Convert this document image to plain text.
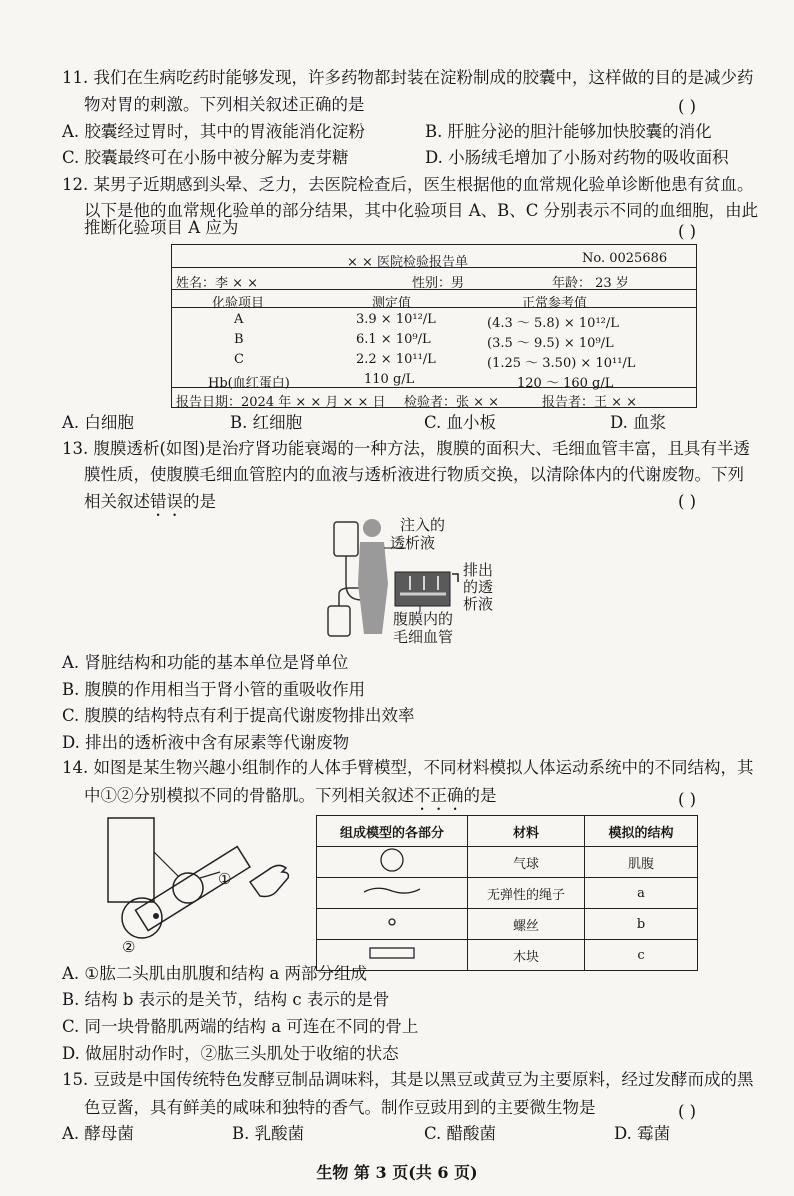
11. 我们在生病吃药时能够发现，许多药物都封装在淀粉制成的胶囊中，这样做的目的是减少药
物对胃的刺激。下列相关叙述正确的是	( )
A. 胶囊经过胃时，其中的胃液能消化淀粉	B. 肝脏分泌的胆汁能够加快胶囊的消化
C. 胶囊最终可在小肠中被分解为麦芽糖	D. 小肠绒毛增加了小肠对药物的吸收面积
12. 某男子近期感到头晕、乏力，去医院检查后，医生根据他的血常规化验单诊断他患有贫血。
以下是他的血常规化验单的部分结果，其中化验项目 A、B、C 分别表示不同的血细胞，由此
推断化验项目 A 应为	( )
× × 医院检验报告单	No. 0025686
姓名：李 × ×	性别：男	年龄： 23 岁
化验项目	测定值	正常参考值
A	3.9 × 10¹²/L	(4.3 ～ 5.8) × 10¹²/L
B	6.1 × 10⁹/L	(3.5 ～ 9.5) × 10⁹/L
C	2.2 × 10¹¹/L	(1.25 ～ 3.50) × 10¹¹/L
Hb(血红蛋白)	110 g/L	120 ～ 160 g/L
报告日期：2024 年 × × 月 × × 日 检验者：张 × ×	报告者：王 × ×
A. 白细胞	B. 红细胞	C. 血小板	D. 血浆
13. 腹膜透析(如图)是治疗肾功能衰竭的一种方法，腹膜的面积大、毛细血管丰富，且具有半透
膜性质，使腹膜毛细血管腔内的血液与透析液进行物质交换，以清除体内的代谢废物。下列
相关叙述错误的是	( )
注入的
透析液
排出
的透
析液
腹膜内的
毛细血管
A. 肾脏结构和功能的基本单位是肾单位
B. 腹膜的作用相当于肾小管的重吸收作用
C. 腹膜的结构特点有利于提高代谢废物排出效率
D. 排出的透析液中含有尿素等代谢废物
14. 如图是某生物兴趣小组制作的人体手臂模型，不同材料模拟人体运动系统中的不同结构，其
中①②分别模拟不同的骨骼肌。下列相关叙述不正确的是	( )
①
②
组成模型的各部分	材料	模拟的结构
	气球	肌腹
	无弹性的绳子	a
	螺丝	b
	木块	c
A. ①肱二头肌由肌腹和结构 a 两部分组成
B. 结构 b 表示的是关节，结构 c 表示的是骨
C. 同一块骨骼肌两端的结构 a 可连在不同的骨上
D. 做屈肘动作时，②肱三头肌处于收缩的状态
15. 豆豉是中国传统特色发酵豆制品调味料，其是以黑豆或黄豆为主要原料，经过发酵而成的黑
色豆酱，具有鲜美的咸味和独特的香气。制作豆豉用到的主要微生物是	( )
A. 酵母菌	B. 乳酸菌	C. 醋酸菌	D. 霉菌
生物 第 3 页(共 6 页)
